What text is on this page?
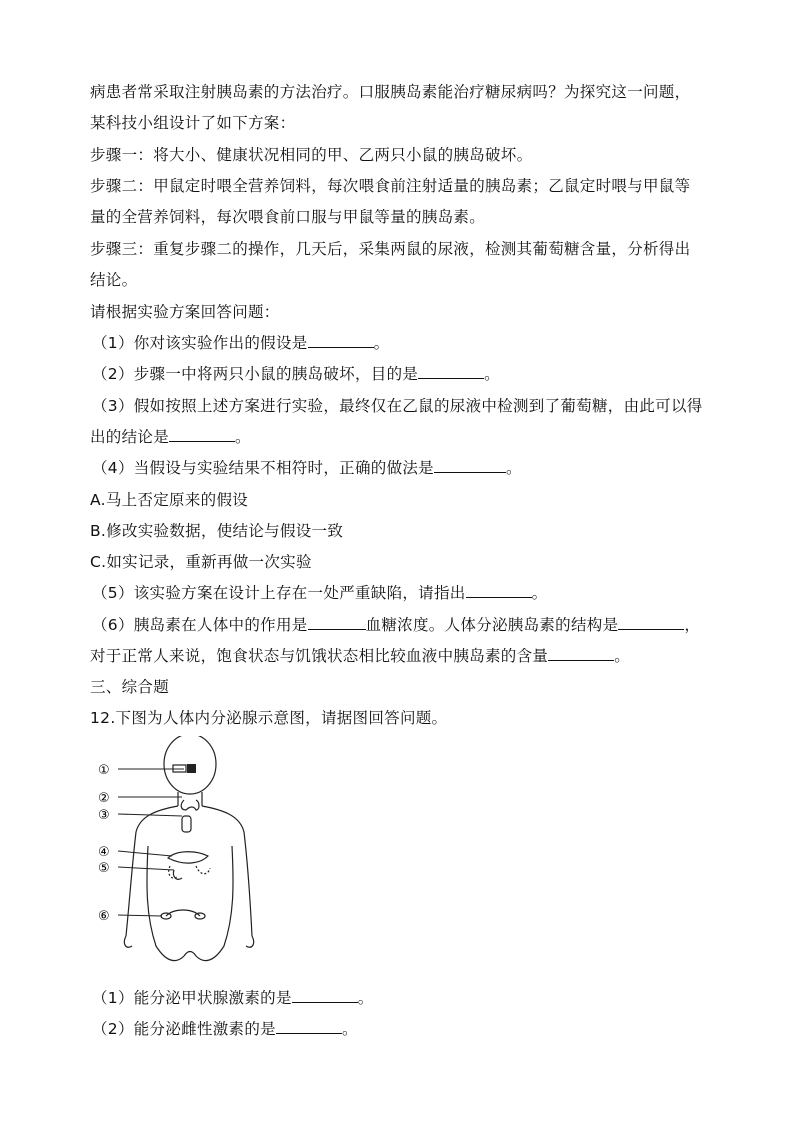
病患者常采取注射胰岛素的方法治疗。口服胰岛素能治疗糖尿病吗？为探究这一问题，
某科技小组设计了如下方案：
步骤一：将大小、健康状况相同的甲、乙两只小鼠的胰岛破坏。
步骤二：甲鼠定时喂全营养饲料，每次喂食前注射适量的胰岛素；乙鼠定时喂与甲鼠等
量的全营养饲料，每次喂食前口服与甲鼠等量的胰岛素。
步骤三：重复步骤二的操作，几天后，采集两鼠的尿液，检测其葡萄糖含量，分析得出
结论。
请根据实验方案回答问题：
（1）你对该实验作出的假设是	。
（2）步骤一中将两只小鼠的胰岛破坏，目的是	。
（3）假如按照上述方案进行实验，最终仅在乙鼠的尿液中检测到了葡萄糖，由此可以得
出的结论是	。
（4）当假设与实验结果不相符时，正确的做法是	。
A.马上否定原来的假设
B.修改实验数据，使结论与假设一致
C.如实记录，重新再做一次实验
（5）该实验方案在设计上存在一处严重缺陷，请指出	。
（6）胰岛素在人体中的作用是	血糖浓度。人体分泌胰岛素的结构是	，
对于正常人来说，饱食状态与饥饿状态相比较血液中胰岛素的含量	。
三、综合题
12.下图为人体内分泌腺示意图，请据图回答问题。
①
②
③
④
⑤
⑥
（1）能分泌甲状腺激素的是	。
（2）能分泌雌性激素的是	。
